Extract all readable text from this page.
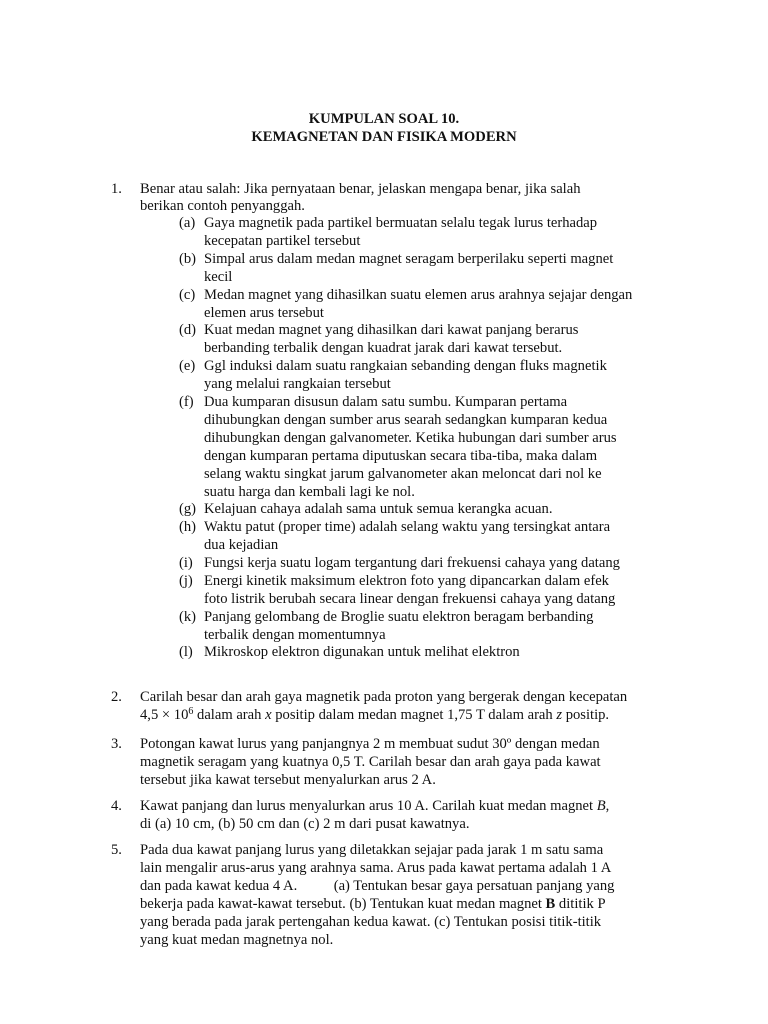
KUMPULAN SOAL 10.

KEMAGNETAN DAN FISIKA MODERN

1. Benar atau salah: Jika pernyataan benar, jelaskan mengapa benar, jika salah

berikan contoh penyanggah.

(a) Gaya magnetik pada partikel bermuatan selalu tegak lurus terhadap

kecepatan partikel tersebut

(b) Simpal arus dalam medan magnet seragam berperilaku seperti magnet

kecil

(c) Medan magnet yang dihasilkan suatu elemen arus arahnya sejajar dengan

elemen arus tersebut

(d) Kuat medan magnet yang dihasilkan dari kawat panjang berarus

berbanding terbalik dengan kuadrat jarak dari kawat tersebut.

(e) Ggl induksi dalam suatu rangkaian sebanding dengan fluks magnetik

yang melalui rangkaian tersebut

(f) Dua kumparan disusun dalam satu sumbu. Kumparan pertama

dihubungkan dengan sumber arus searah sedangkan kumparan kedua

dihubungkan dengan galvanometer. Ketika hubungan dari sumber arus

dengan kumparan pertama diputuskan secara tiba-tiba, maka dalam

selang waktu singkat jarum galvanometer akan meloncat dari nol ke

suatu harga dan kembali lagi ke nol.

(g) Kelajuan cahaya adalah sama untuk semua kerangka acuan.

(h) Waktu patut (proper time) adalah selang waktu yang tersingkat antara

dua kejadian

(i) Fungsi kerja suatu logam tergantung dari frekuensi cahaya yang datang

(j) Energi kinetik maksimum elektron foto yang dipancarkan dalam efek

foto listrik berubah secara linear dengan frekuensi cahaya yang datang

(k) Panjang gelombang de Broglie suatu elektron beragam berbanding

terbalik dengan momentumnya

(l) Mikroskop elektron digunakan untuk melihat elektron

2. Carilah besar dan arah gaya magnetik pada proton yang bergerak dengan kecepatan

$4,5 \times 10^6$ dalam arah x positip dalam medan magnet 1,75 T dalam arah z positip.

3. Potongan kawat lurus yang panjangnya 2 m membuat sudut 30º dengan medan

magnetik seragam yang kuatnya 0,5 T. Carilah besar dan arah gaya pada kawat

tersebut jika kawat tersebut menyalurkan arus 2 A.

4. Kawat panjang dan lurus menyalurkan arus 10 A. Carilah kuat medan magnet B,

di (a) 10 cm, (b) 50 cm dan (c) 2 m dari pusat kawatnya.

5. Pada dua kawat panjang lurus yang diletakkan sejajar pada jarak 1 m satu sama

lain mengalir arus-arus yang arahnya sama. Arus pada kawat pertama adalah 1 A

dan pada kawat kedua 4 A.          (a) Tentukan besar gaya persatuan panjang yang

bekerja pada kawat-kawat tersebut. (b) Tentukan kuat medan magnet B dititik P

yang berada pada jarak pertengahan kedua kawat. (c) Tentukan posisi titik-titik

yang kuat medan magnetnya nol.
